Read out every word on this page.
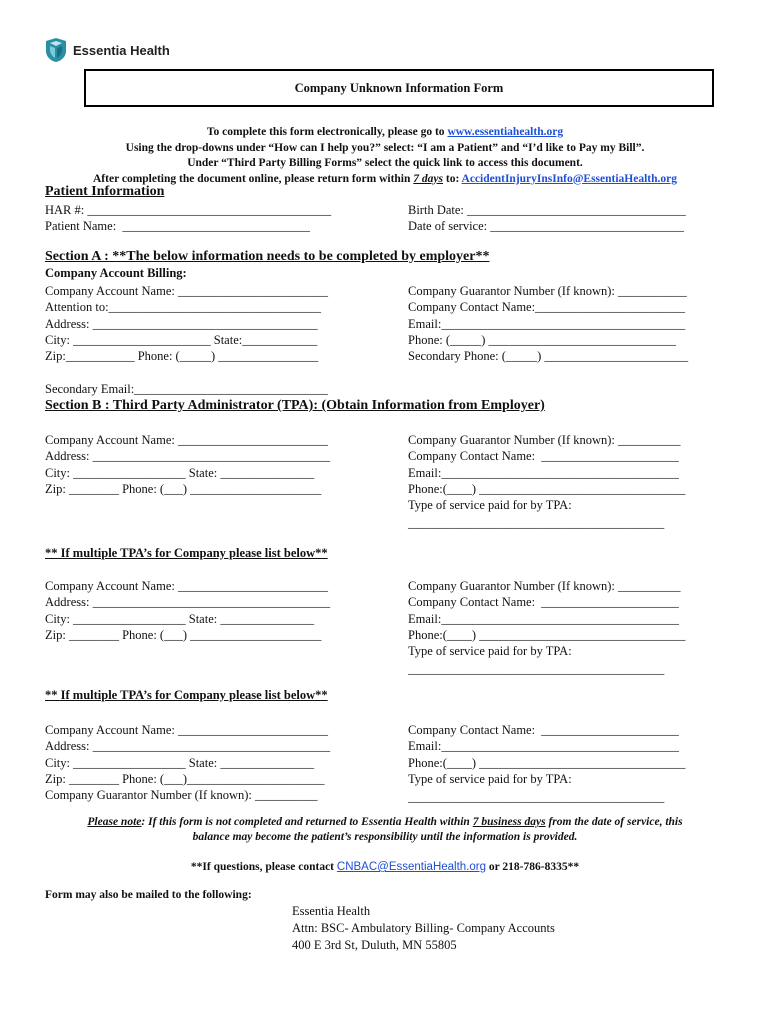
Essentia Health
Company Unknown Information Form
To complete this form electronically, please go to www.essentiahealth.org
Using the drop-downs under “How can I help you?” select: “I am a Patient” and “I’d like to Pay my Bill”.
Under “Third Party Billing Forms” select the quick link to access this document.
After completing the document online, please return form within 7 days to: AccidentInjuryInsInfo@EssentiaHealth.org
Patient Information
HAR #: _______________________________________
Patient Name:  ______________________________
Birth Date: ___________________________________
Date of service: _______________________________
Section A : **The below information needs to be completed by employer**
Company Account Billing:
Company Account Name: ________________________
Attention to:__________________________________
Address: ____________________________________
City: ______________________ State:____________
Zip:___________ Phone: (_____) ________________
Company Guarantor Number (If known): ___________
Company Contact Name:________________________
Email:_______________________________________
Phone: (_____) ______________________________
Secondary Phone: (_____) _______________________
Secondary Email:_______________________________
Section B : Third Party Administrator (TPA): (Obtain Information from Employer)
Company Account Name: ________________________
Address: ______________________________________
City: __________________ State: _______________
Zip: ________ Phone: (___) _____________________
Company Guarantor Number (If known): __________
Company Contact Name:  ______________________
Email:______________________________________
Phone:(____) _________________________________
Type of service paid for by TPA:
_________________________________________
** If multiple TPA’s for Company please list below**
Company Account Name: ________________________
Address: ______________________________________
City: __________________ State: _______________
Zip: ________ Phone: (___) _____________________
Company Guarantor Number (If known): __________
Company Contact Name:  ______________________
Email:______________________________________
Phone:(____) _________________________________
Type of service paid for by TPA:
_________________________________________
** If multiple TPA’s for Company please list below**
Company Account Name: ________________________
Address: ______________________________________
City: __________________ State: _______________
Zip: ________ Phone: (___)______________________
Company Guarantor Number (If known): __________
Company Contact Name:  ______________________
Email:______________________________________
Phone:(____) _________________________________
Type of service paid for by TPA:
_________________________________________
Please note: If this form is not completed and returned to Essentia Health within 7 business days from the date of service, this
balance may become the patient’s responsibility until the information is provided.
**If questions, please contact CNBAC@EssentiaHealth.org or 218-786-8335**
Form may also be mailed to the following:
Essentia Health
Attn: BSC- Ambulatory Billing- Company Accounts
400 E 3rd St, Duluth, MN 55805
